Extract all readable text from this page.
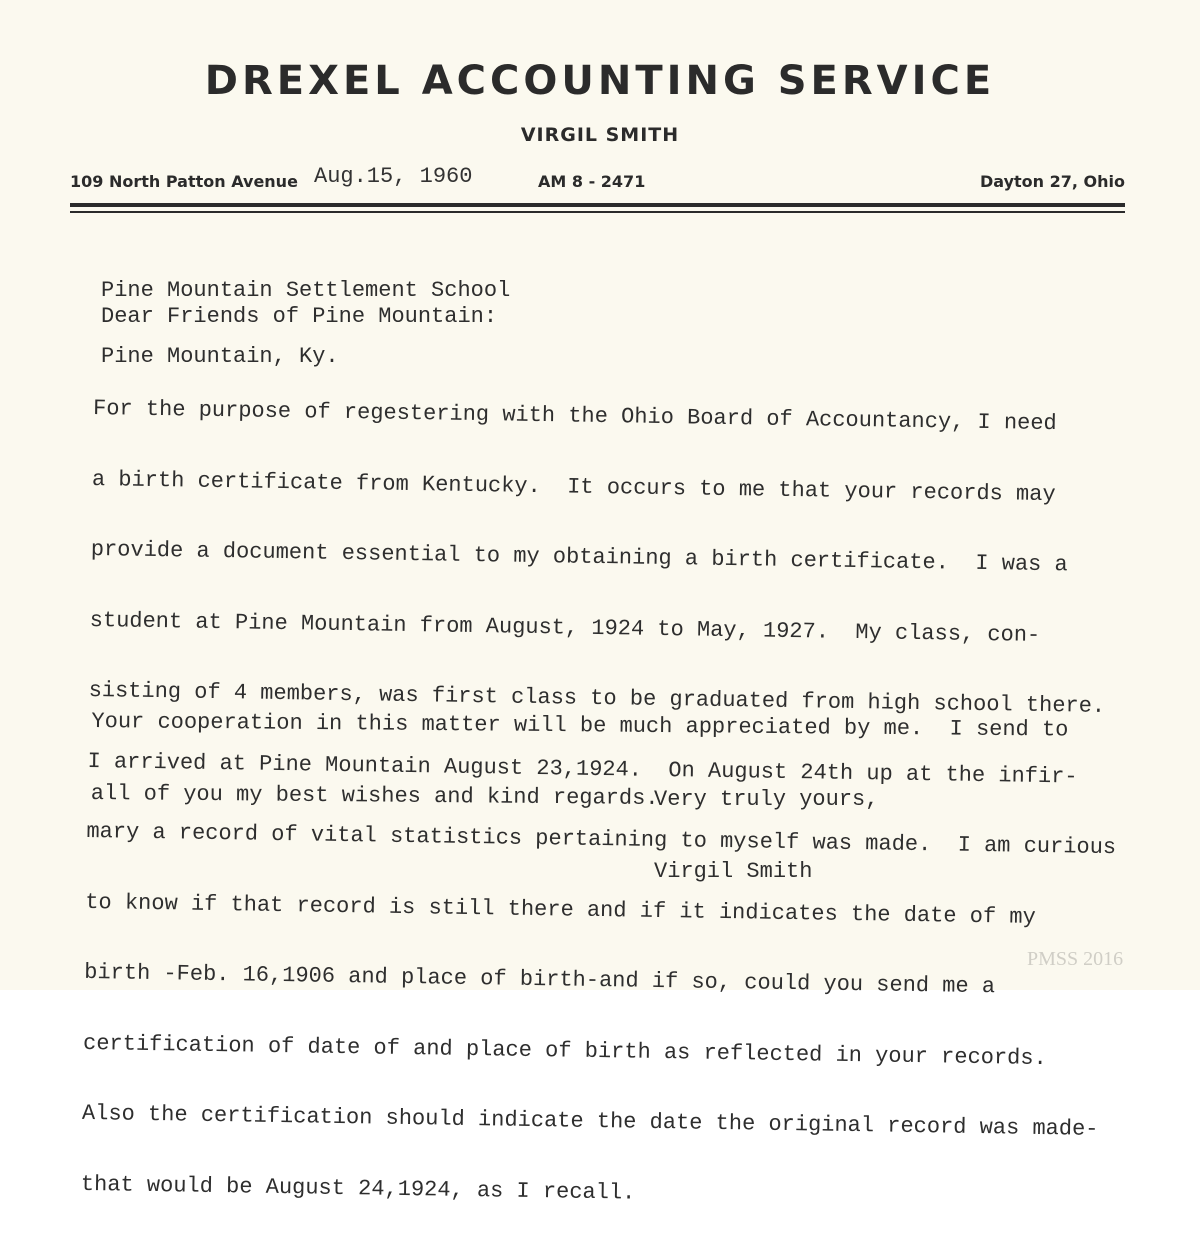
DREXEL ACCOUNTING SERVICE
VIRGIL SMITH
109 North Patton Avenue Aug.15, 1960	AM 8 - 2471	Dayton 27, Ohio

Pine Mountain Settlement School

Pine Mountain, Ky.

Dear Friends of Pine Mountain:

For the purpose of regestering with the Ohio Board of Accountancy, I need

a birth certificate from Kentucky.  It occurs to me that your records may

provide a document essential to my obtaining a birth certificate.  I was a

student at Pine Mountain from August, 1924 to May, 1927.  My class, con-

sisting of 4 members, was first class to be graduated from high school there.

I arrived at Pine Mountain August 23,1924.  On August 24th up at the infir-

mary a record of vital statistics pertaining to myself was made.  I am curious

to know if that record is still there and if it indicates the date of my

birth -Feb. 16,1906 and place of birth-and if so, could you send me a

certification of date of and place of birth as reflected in your records.

Also the certification should indicate the date the original record was made-

that would be August 24,1924, as I recall.

Your cooperation in this matter will be much appreciated by me.  I send to

all of you my best wishes and kind regards.

Very truly yours,

Virgil Smith

PMSS 2016
